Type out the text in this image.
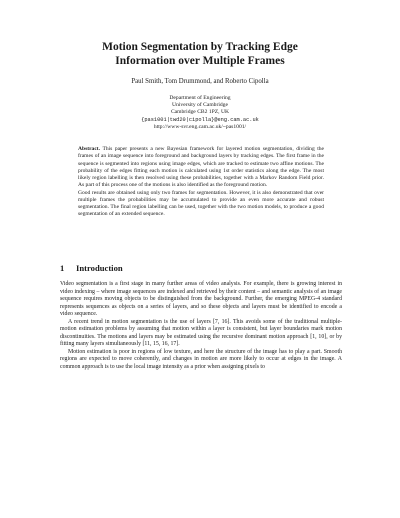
Motion Segmentation by Tracking Edge
Information over Multiple Frames
Paul Smith, Tom Drummond, and Roberto Cipolla
Department of Engineering
University of Cambridge
Cambridge CB2 1PZ, UK
{pas1001|twd20|cipolla}@eng.cam.ac.uk
http://www-svr.eng.cam.ac.uk/~pas1001/

Abstract. This paper presents a new Bayesian framework for layered motion segmentation, dividing the frames of an image sequence into foreground and background layers by tracking edges. The first frame in the sequence is segmented into regions using image edges, which are tracked to estimate two affine motions. The probability of the edges fitting each motion is calculated using 1st order statistics along the edge. The most likely region labelling is then resolved using these probabilities, together with a Markov Random Field prior. As part of this process one of the motions is also identified as the foreground motion.

Good results are obtained using only two frames for segmentation. However, it is also demonstrated that over multiple frames the probabilities may be accumulated to provide an even more accurate and robust segmentation. The final region labelling can be used, together with the two motion models, to produce a good segmentation of an extended sequence.

1 Introduction

Video segmentation is a first stage in many further areas of video analysis. For example, there is growing interest in video indexing – where image sequences are indexed and retrieved by their content – and semantic analysis of an image sequence requires moving objects to be distinguished from the background. Further, the emerging MPEG-4 standard represents sequences as objects on a series of layers, and so these objects and layers must be identified to encode a video sequence.

A recent trend in motion segmentation is the use of layers [7, 16]. This avoids some of the traditional multiple-motion estimation problems by assuming that motion within a layer is consistent, but layer boundaries mark motion discontinuities. The motions and layers may be estimated using the recursive dominant motion approach [1, 10], or by fitting many layers simultaneously [11, 15, 16, 17].

Motion estimation is poor in regions of low texture, and here the structure of the image has to play a part. Smooth regions are expected to move coherently, and changes in motion are more likely to occur at edges in the image. A common approach is to use the local image intensity as a prior when assigning pixels to
